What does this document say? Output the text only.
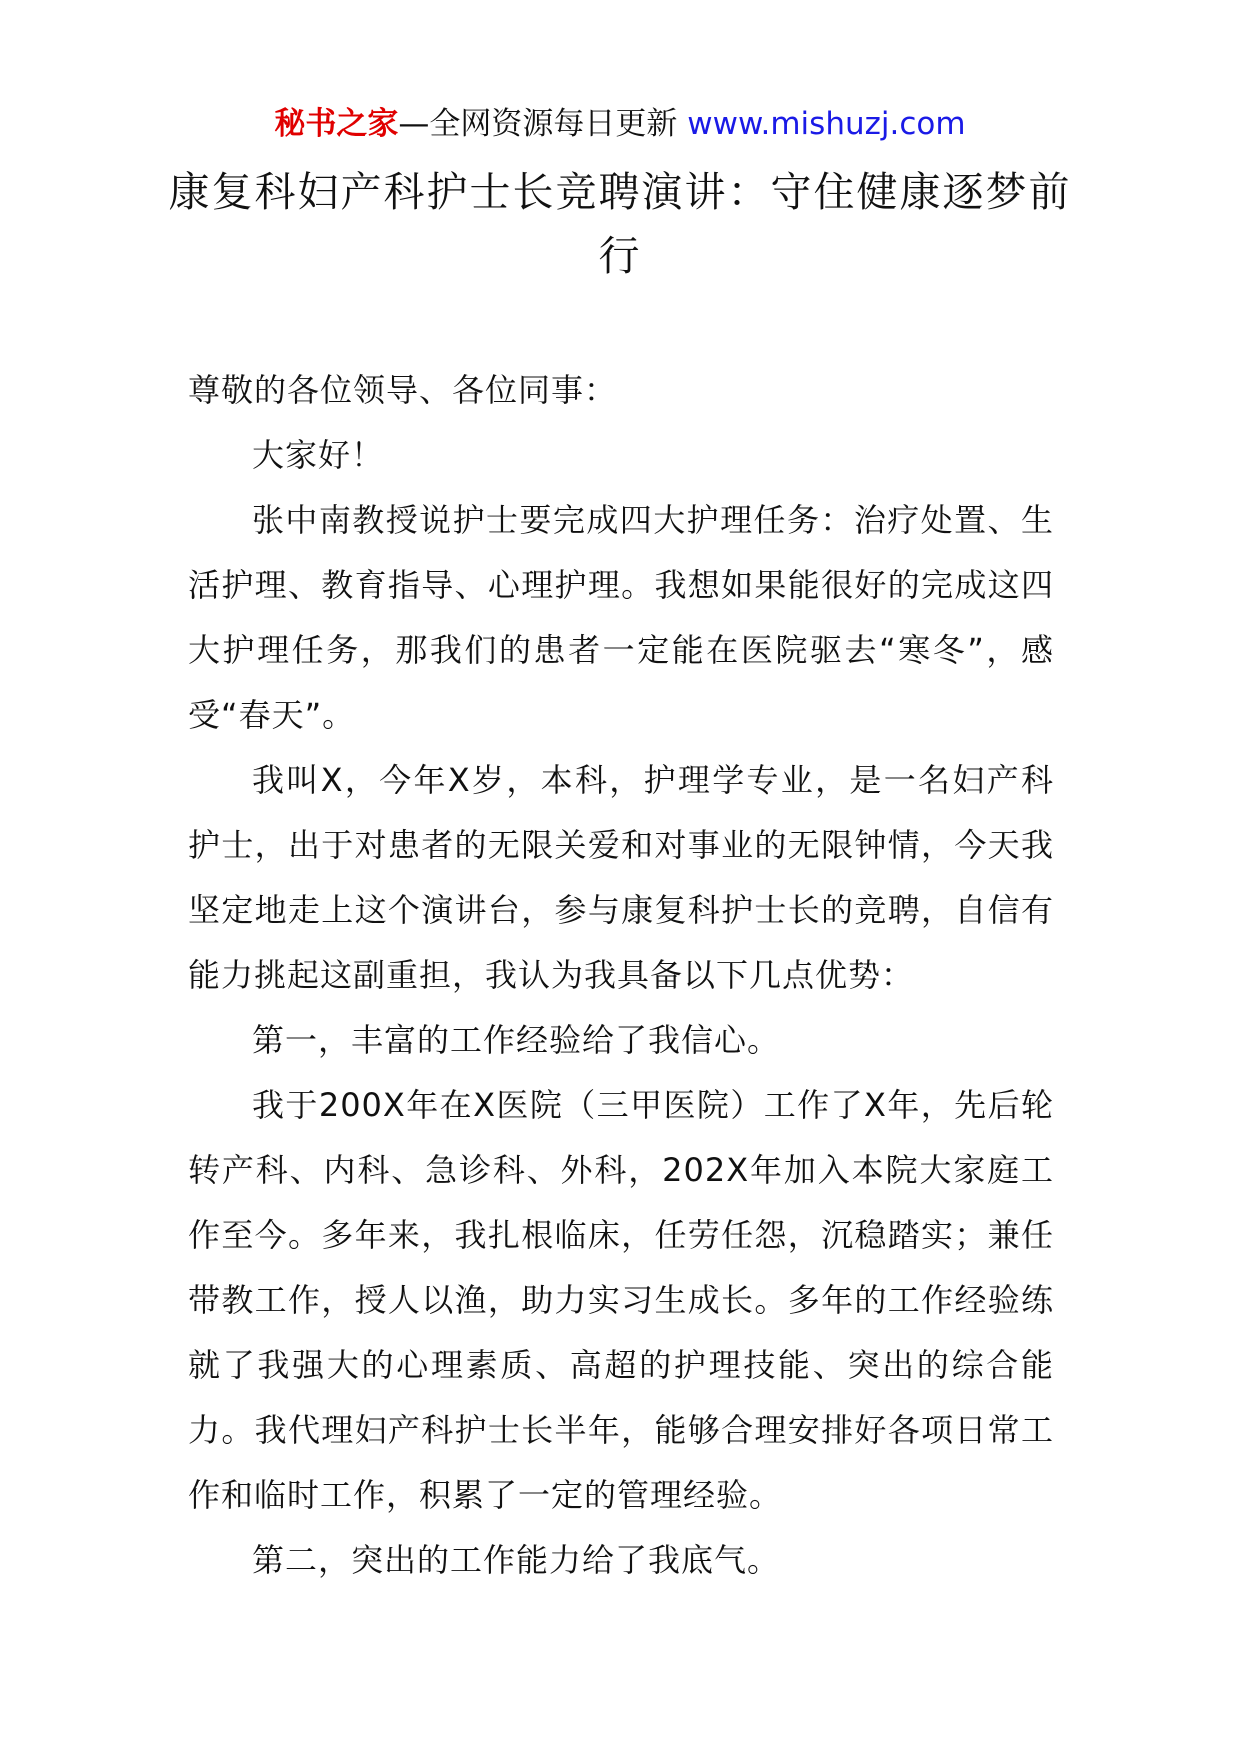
秘书之家—全网资源每日更新 www.mishuzj.com
康复科妇产科护士长竞聘演讲：守住健康逐梦前行

尊敬的各位领导、各位同事：

大家好！

张中南教授说护士要完成四大护理任务：治疗处置、生活护理、教育指导、心理护理。我想如果能很好的完成这四大护理任务，那我们的患者一定能在医院驱去“寒冬”，感受“春天”。

我叫X，今年X岁，本科，护理学专业，是一名妇产科护士，出于对患者的无限关爱和对事业的无限钟情，今天我坚定地走上这个演讲台，参与康复科护士长的竞聘，自信有能力挑起这副重担，我认为我具备以下几点优势：

第一，丰富的工作经验给了我信心。

我于200X年在X医院（三甲医院）工作了X年，先后轮转产科、内科、急诊科、外科，202X年加入本院大家庭工作至今。多年来，我扎根临床，任劳任怨，沉稳踏实；兼任带教工作，授人以渔，助力实习生成长。多年的工作经验练就了我强大的心理素质、高超的护理技能、突出的综合能力。我代理妇产科护士长半年，能够合理安排好各项日常工作和临时工作，积累了一定的管理经验。

第二，突出的工作能力给了我底气。
